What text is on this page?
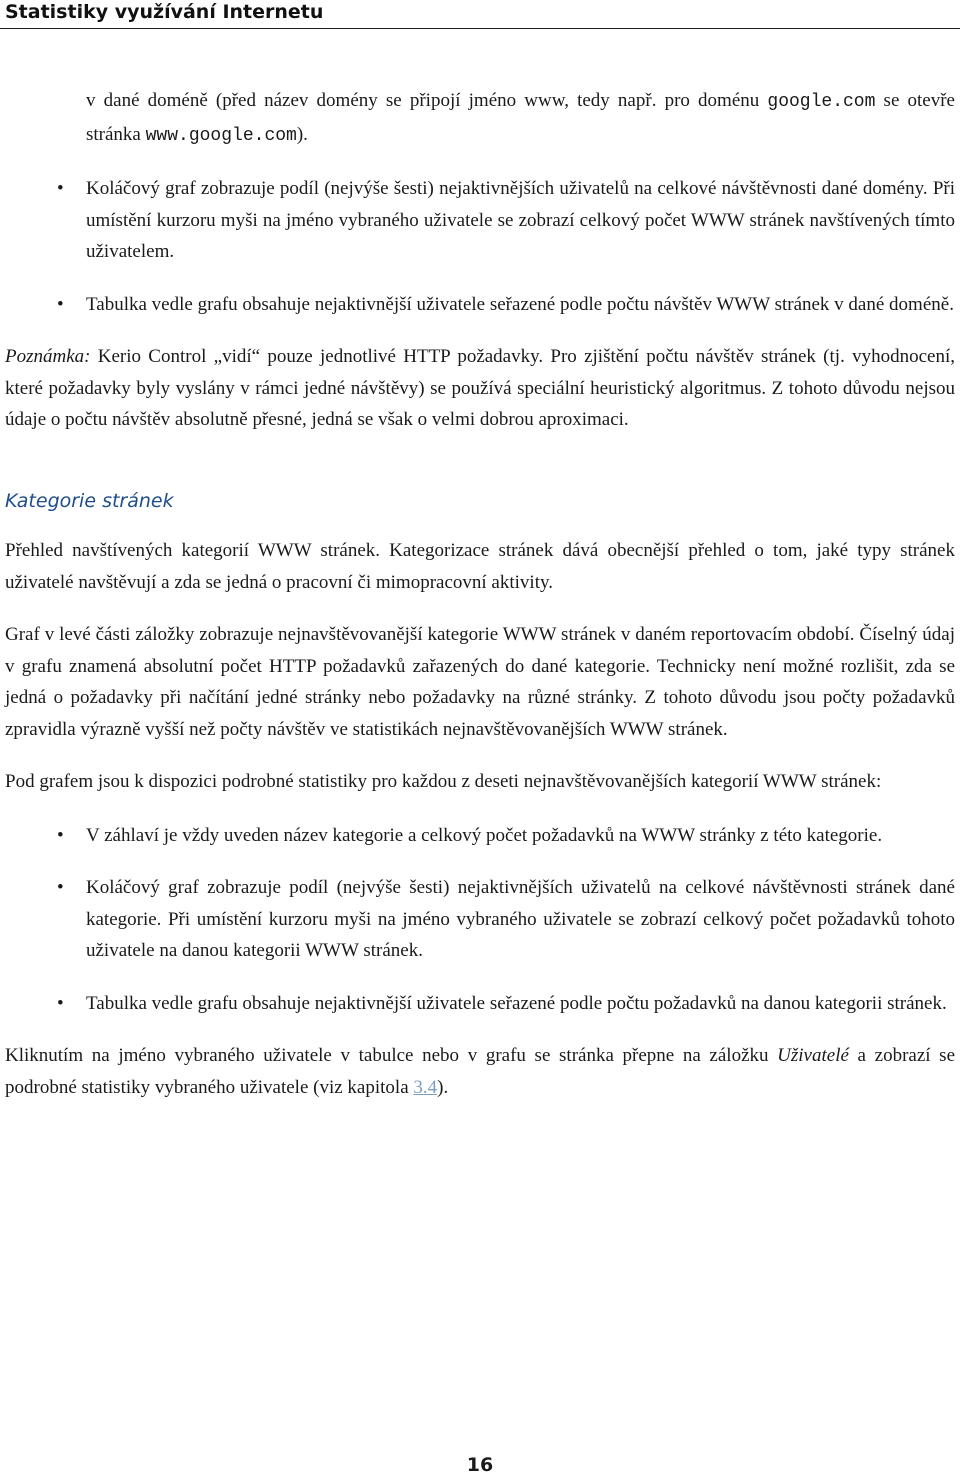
Statistiky využívání Internetu
v dané doméně (před název domény se připojí jméno www, tedy např. pro doménu google.com se otevře stránka www.google.com).
• Koláčový graf zobrazuje podíl (nejvýše šesti) nejaktivnějších uživatelů na celkové návštěvnosti dané domény. Při umístění kurzoru myši na jméno vybraného uživatele se zobrazí celkový počet WWW stránek navštívených tímto uživatelem.
• Tabulka vedle grafu obsahuje nejaktivnější uživatele seřazené podle počtu návštěv WWW stránek v dané doméně.

Poznámka: Kerio Control „vidí“ pouze jednotlivé HTTP požadavky. Pro zjištění počtu návštěv stránek (tj. vyhodnocení, které požadavky byly vyslány v rámci jedné návštěvy) se používá speciální heuristický algoritmus. Z tohoto důvodu nejsou údaje o počtu návštěv absolutně přesné, jedná se však o velmi dobrou aproximaci.

Kategorie stránek

Přehled navštívených kategorií WWW stránek. Kategorizace stránek dává obecnější přehled o tom, jaké typy stránek uživatelé navštěvují a zda se jedná o pracovní či mimopracovní aktivity.

Graf v levé části záložky zobrazuje nejnavštěvovanější kategorie WWW stránek v daném reportovacím období. Číselný údaj v grafu znamená absolutní počet HTTP požadavků zařazených do dané kategorie. Technicky není možné rozlišit, zda se jedná o požadavky při načítání jedné stránky nebo požadavky na různé stránky. Z tohoto důvodu jsou počty požadavků zpravidla výrazně vyšší než počty návštěv ve statistikách nejnavštěvovanějších WWW stránek.

Pod grafem jsou k dispozici podrobné statistiky pro každou z deseti nejnavštěvovanějších kategorií WWW stránek:

• V záhlaví je vždy uveden název kategorie a celkový počet požadavků na WWW stránky z této kategorie.
• Koláčový graf zobrazuje podíl (nejvýše šesti) nejaktivnějších uživatelů na celkové návštěvnosti stránek dané kategorie. Při umístění kurzoru myši na jméno vybraného uživatele se zobrazí celkový počet požadavků tohoto uživatele na danou kategorii WWW stránek.
• Tabulka vedle grafu obsahuje nejaktivnější uživatele seřazené podle počtu požadavků na danou kategorii stránek.

Kliknutím na jméno vybraného uživatele v tabulce nebo v grafu se stránka přepne na záložku Uživatelé a zobrazí se podrobné statistiky vybraného uživatele (viz kapitola 3.4).

16
